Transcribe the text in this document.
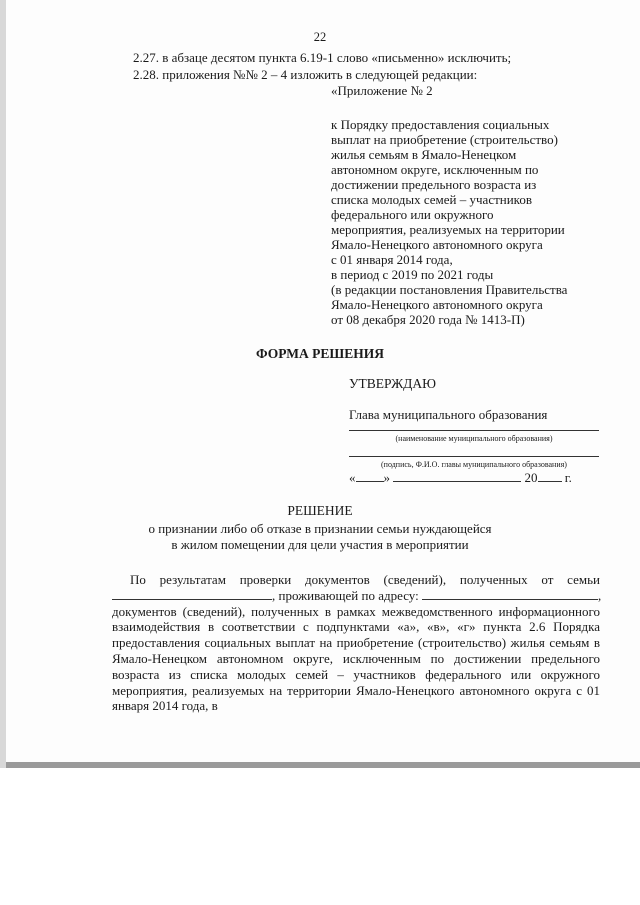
22
2.27. в абзаце десятом пункта 6.19-1 слово «письменно» исключить;
2.28. приложения №№ 2 – 4 изложить в следующей редакции:
«Приложение № 2
к Порядку предоставления социальных
выплат на приобретение (строительство)
жилья семьям в Ямало-Ненецком
автономном округе, исключенным по
достижении предельного возраста из
списка молодых семей – участников
федерального или окружного
мероприятия, реализуемых на территории
Ямало-Ненецкого автономного округа
с 01 января 2014 года,
в период с 2019 по 2021 годы
(в редакции постановления Правительства
Ямало-Ненецкого автономного округа
от 08 декабря 2020 года № 1413-П)
ФОРМА РЕШЕНИЯ
УТВЕРЖДАЮ
Глава муниципального образования
(наименование муниципального образования)
(подпись, Ф.И.О. главы муниципального образования)
« »	20 г.
РЕШЕНИЕ
о признании либо об отказе в признании семьи нуждающейся
в жилом помещении для цели участия в мероприятии

По результатам проверки документов (сведений), полученных от семьи

, проживающей по адресу:	,

документов (сведений), полученных в рамках межведомственного информационного взаимодействия в соответствии с подпунктами «а», «в», «г» пункта 2.6 Порядка предоставления социальных выплат на приобретение (строительство) жилья семьям в Ямало-Ненецком автономном округе, исключенным по достижении предельного возраста из списка молодых семей – участников федерального или окружного мероприятия, реализуемых на территории Ямало-Ненецкого автономного округа с 01 января 2014 года, в
